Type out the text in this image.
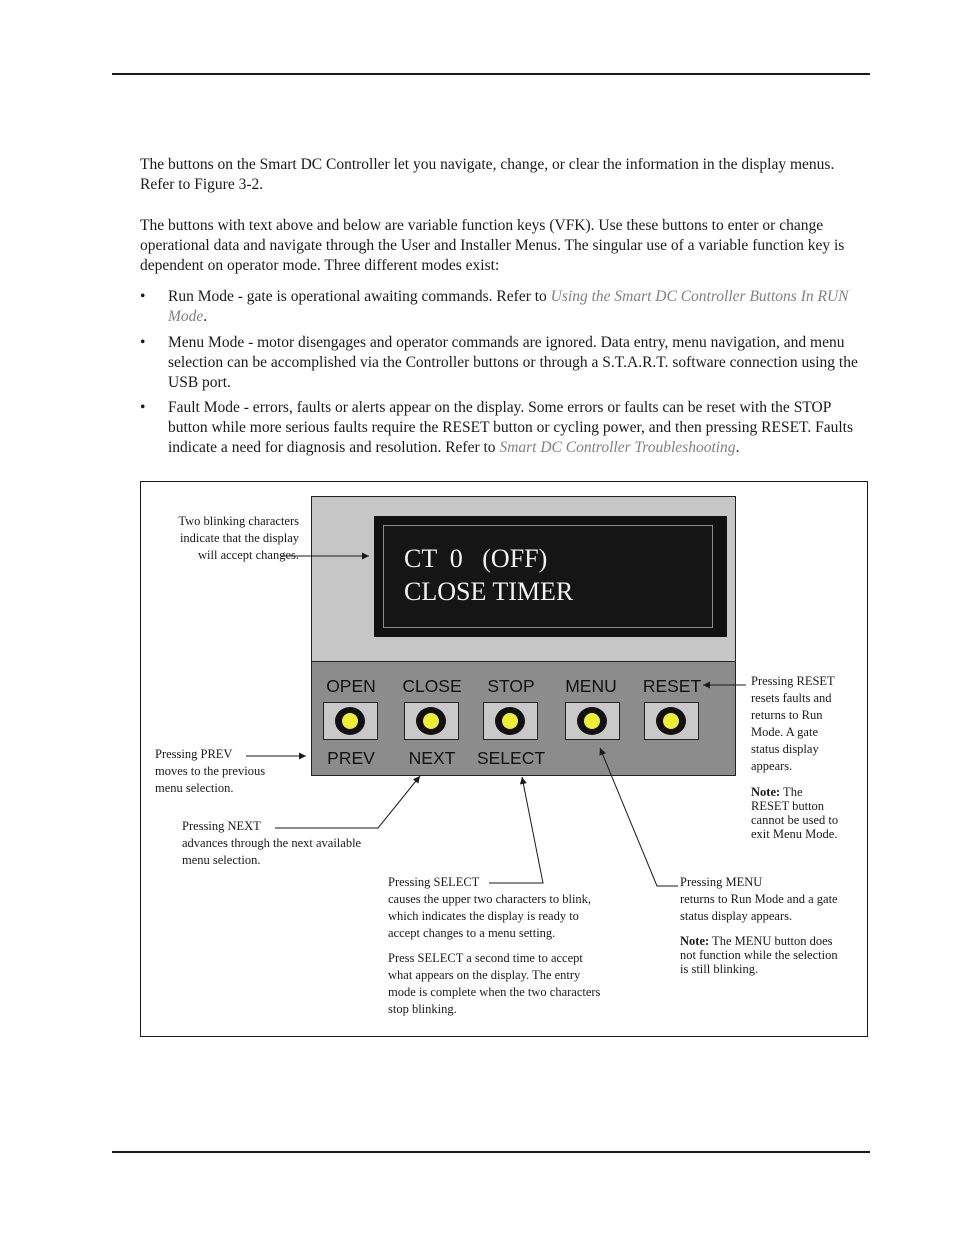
The buttons on the Smart DC Controller let you navigate, change, or clear the information in the display menus. Refer to Figure 3-2.

The buttons with text above and below are variable function keys (VFK). Use these buttons to enter or change operational data and navigate through the User and Installer Menus. The singular use of a variable function key is dependent on operator mode. Three different modes exist:

• Run Mode - gate is operational awaiting commands. Refer to Using the Smart DC Controller Buttons In RUN Mode.
• Menu Mode - motor disengages and operator commands are ignored. Data entry, menu navigation, and menu selection can be accomplished via the Controller buttons or through a S.T.A.R.T. software connection using the USB port.
• Fault Mode - errors, faults or alerts appear on the display. Some errors or faults can be reset with the STOP button while more serious faults require the RESET button or cycling power, and then pressing RESET. Faults indicate a need for diagnosis and resolution. Refer to Smart DC Controller Troubleshooting.
CT  0   (OFF)
CLOSE TIMER
OPEN	CLOSE	STOP	MENU	RESET
PREV	NEXT	SELECT

Two blinking characters

indicate that the display

will accept changes.

Pressing PREV

moves to the previous

menu selection.

Pressing NEXT

advances through the next available

menu selection.

Pressing SELECT

causes the upper two characters to blink,

which indicates the display is ready to

accept changes to a menu setting.

Press SELECT a second time to accept

what appears on the display. The entry

mode is complete when the two characters

stop blinking.

Pressing MENU

returns to Run Mode and a gate

status display appears.

Note: The MENU button does

not function while the selection

is still blinking.

Pressing RESET

resets faults and

returns to Run

Mode. A gate

status display

appears.

Note: The

RESET button

cannot be used to

exit Menu Mode.
